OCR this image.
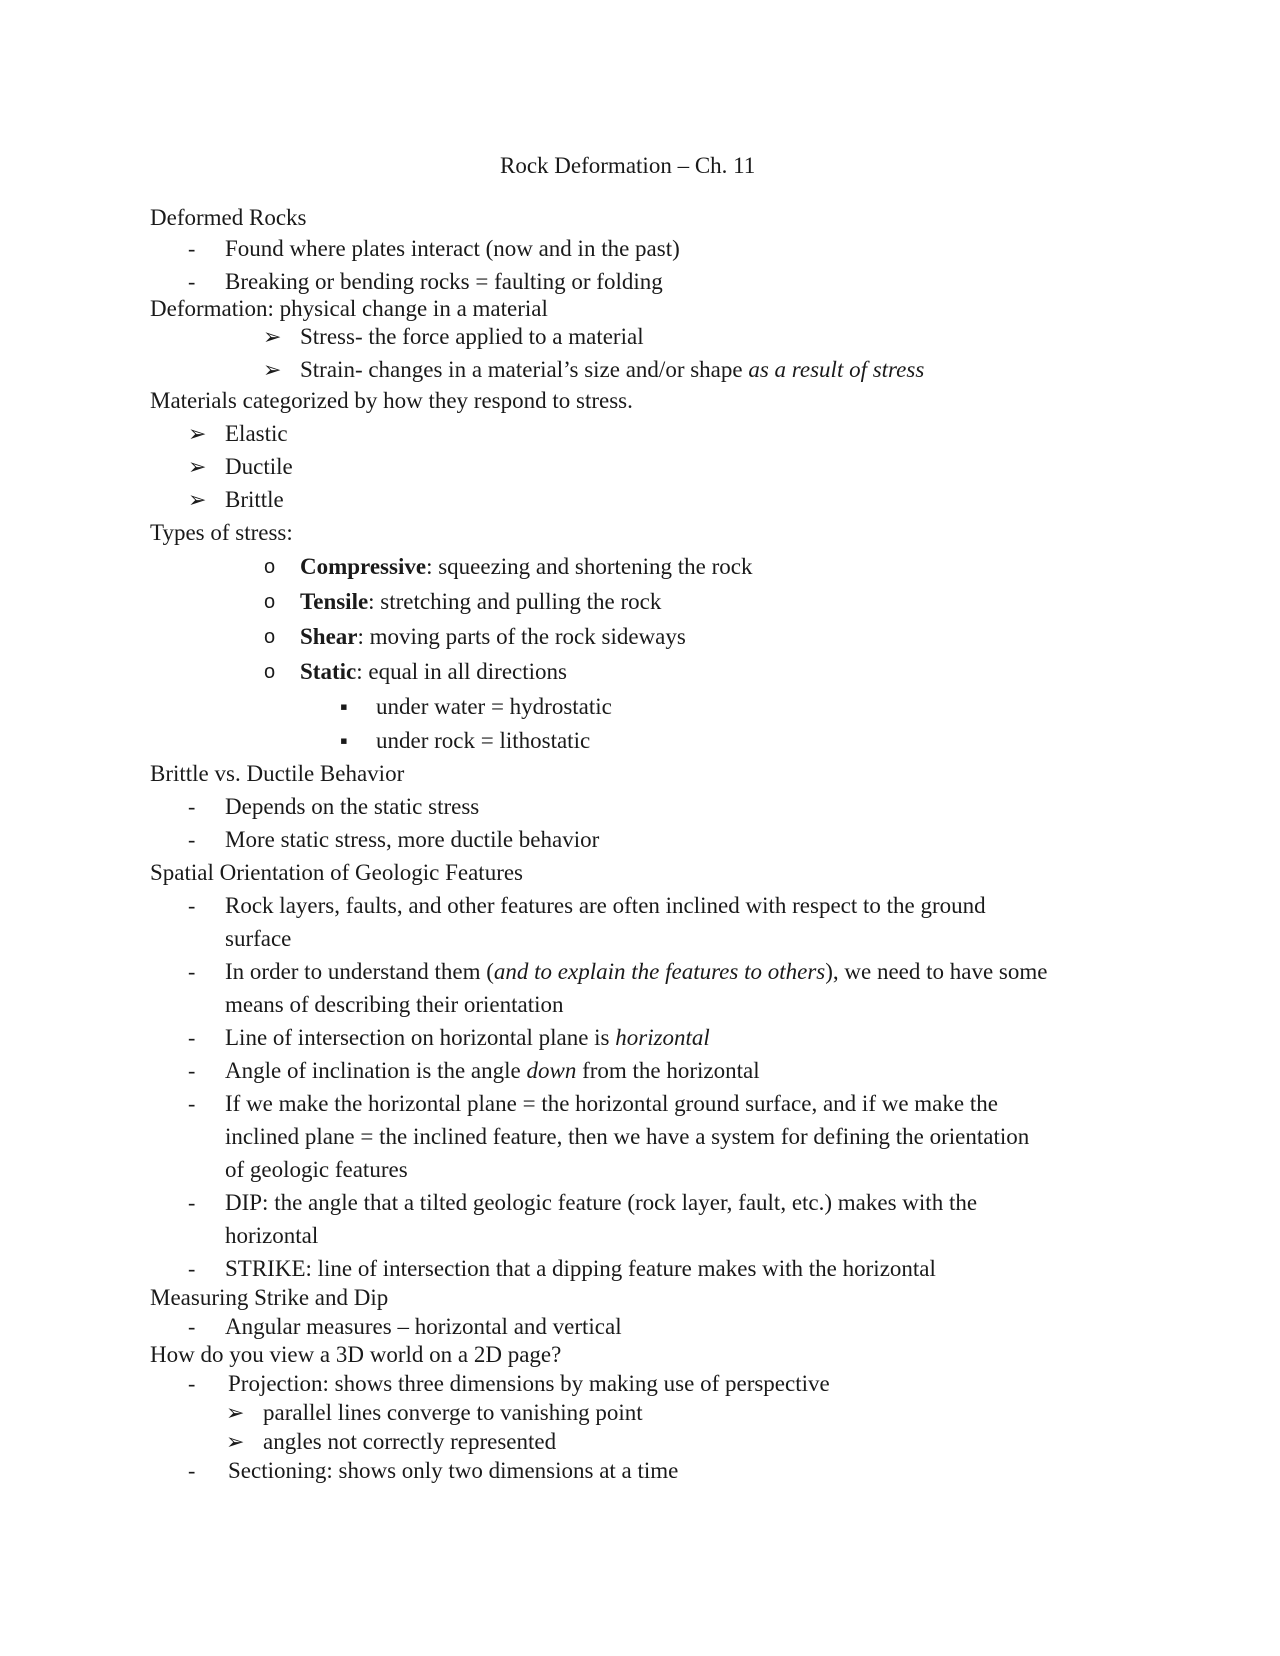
Rock Deformation – Ch. 11
Deformed Rocks
- Found where plates interact (now and in the past)
- Breaking or bending rocks = faulting or folding
Deformation: physical change in a material
➢ Stress- the force applied to a material
➢ Strain- changes in a material’s size and/or shape as a result of stress
Materials categorized by how they respond to stress.
➢ Elastic
➢ Ductile
➢ Brittle
Types of stress:
o Compressive: squeezing and shortening the rock
o Tensile: stretching and pulling the rock
o Shear: moving parts of the rock sideways
o Static: equal in all directions
▪ under water = hydrostatic
▪ under rock = lithostatic
Brittle vs. Ductile Behavior
- Depends on the static stress
- More static stress, more ductile behavior
Spatial Orientation of Geologic Features
- Rock layers, faults, and other features are often inclined with respect to the ground
surface
- In order to understand them (and to explain the features to others), we need to have some
means of describing their orientation
- Line of intersection on horizontal plane is horizontal
- Angle of inclination is the angle down from the horizontal
- If we make the horizontal plane = the horizontal ground surface, and if we make the
inclined plane = the inclined feature, then we have a system for defining the orientation
of geologic features
- DIP: the angle that a tilted geologic feature (rock layer, fault, etc.) makes with the
horizontal
- STRIKE: line of intersection that a dipping feature makes with the horizontal
Measuring Strike and Dip
- Angular measures – horizontal and vertical
How do you view a 3D world on a 2D page?
- Projection: shows three dimensions by making use of perspective
➢ parallel lines converge to vanishing point
➢ angles not correctly represented
- Sectioning: shows only two dimensions at a time
